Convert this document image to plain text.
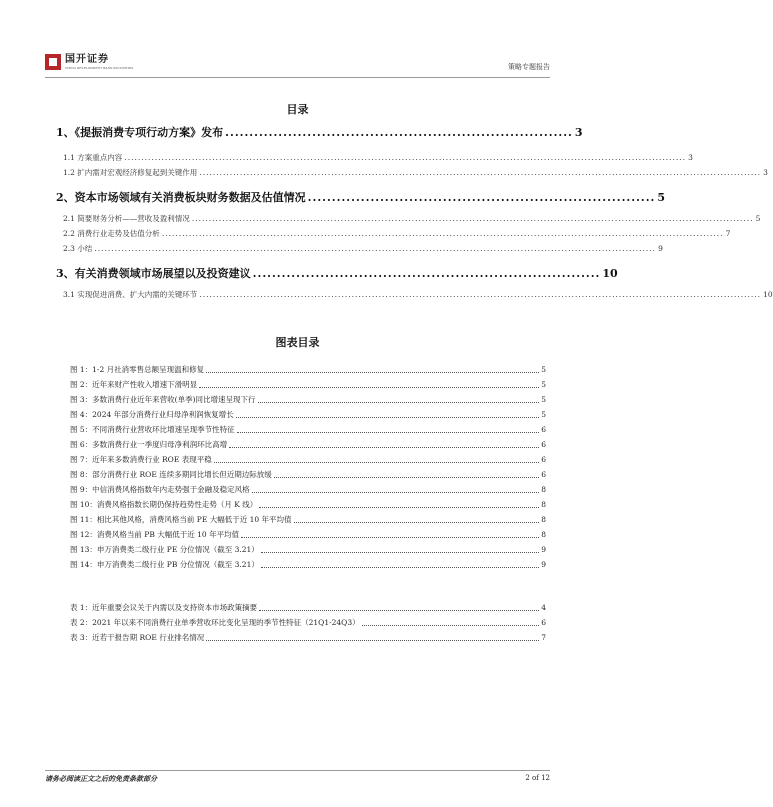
国开证券
CHINA DEVELOPMENT BANK SECURITIES	策略专题报告
目录
1、《提振消费专项行动方案》发布 ........................................................................ 3
1.1 方案重点内容 ...................................................................................................................................................................... 3
1.2 扩内需对宏观经济修复起到关键作用 ...................................................................................................................................................................... 3
2、资本市场领域有关消费板块财务数据及估值情况 ........................................................................ 5
2.1 简要财务分析——营收及盈利情况 ...................................................................................................................................................................... 5
2.2 消费行业走势及估值分析 ...................................................................................................................................................................... 7
2.3 小结 ...................................................................................................................................................................... 9
3、有关消费领域市场展望以及投资建议 ........................................................................ 10
3.1 实现促进消费、扩大内需的关键环节 ...................................................................................................................................................................... 10
图表目录
图 1：1-2 月社消零售总额呈现温和修复	5
图 2：近年来财产性收入增速下滑明显	5
图 3：多数消费行业近年来营收(单季)同比增速呈现下行	5
图 4：2024 年部分消费行业归母净利润恢复增长	5
图 5：不同消费行业营收环比增速呈现季节性特征	6
图 6：多数消费行业一季度归母净利润环比高增	6
图 7：近年来多数消费行业 ROE 表现平稳	6
图 8：部分消费行业 ROE 连续多期同比增长但近期边际放缓	6
图 9：中信消费风格指数年内走势强于金融及稳定风格	8
图 10：消费风格指数长期仍保持趋势性走势（月 K 线）	8
图 11：相比其他风格，消费风格当前 PE 大幅低于近 10 年平均值	8
图 12：消费风格当前 PB 大幅低于近 10 年平均值	8
图 13：申万消费类二级行业 PE 分位情况（截至 3.21）	9
图 14：申万消费类二级行业 PB 分位情况（截至 3.21）	9
表 1：近年重要会议关于内需以及支持资本市场政策摘要	4
表 2：2021 年以来不同消费行业单季营收环比变化呈现的季节性特征（21Q1-24Q3）	6
表 3：近若干报告期 ROE 行业排名情况	7
请务必阅读正文之后的免责条款部分	2 of 12
